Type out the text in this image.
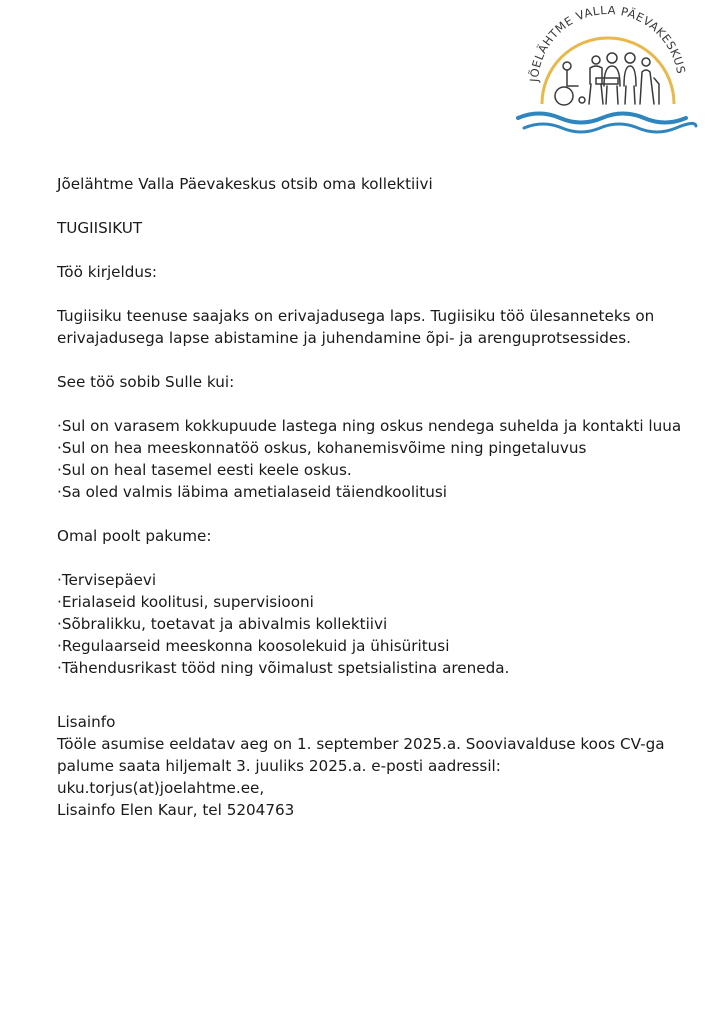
JÕELÄHTME VALLA PÄEVAKESKUS

Jõelähtme Valla Päevakeskus otsib oma kollektiivi

TUGIISIKUT

Töö kirjeldus:

Tugiisiku teenuse saajaks on erivajadusega laps. Tugiisiku töö ülesanneteks on

erivajadusega lapse abistamine ja juhendamine õpi- ja arenguprotsessides.

See töö sobib Sulle kui:

·Sul on varasem kokkupuude lastega ning oskus nendega suhelda ja kontakti luua
·Sul on hea meeskonnatöö oskus, kohanemisvõime ning pingetaluvus
·Sul on heal tasemel eesti keele oskus.
·Sa oled valmis läbima ametialaseid täiendkoolitusi

Omal poolt pakume:

·Tervisepäevi
·Erialaseid koolitusi, supervisiooni
·Sõbralikku, toetavat ja abivalmis kollektiivi
·Regulaarseid meeskonna koosolekuid ja ühisüritusi
·Tähendusrikast tööd ning võimalust spetsialistina areneda.

Lisainfo

Tööle asumise eeldatav aeg on 1. september 2025.a. Sooviavalduse koos CV-ga

palume saata hiljemalt 3. juuliks 2025.a. e-posti aadressil: uku.torjus(at)joelahtme.ee,

Lisainfo Elen Kaur, tel 5204763
